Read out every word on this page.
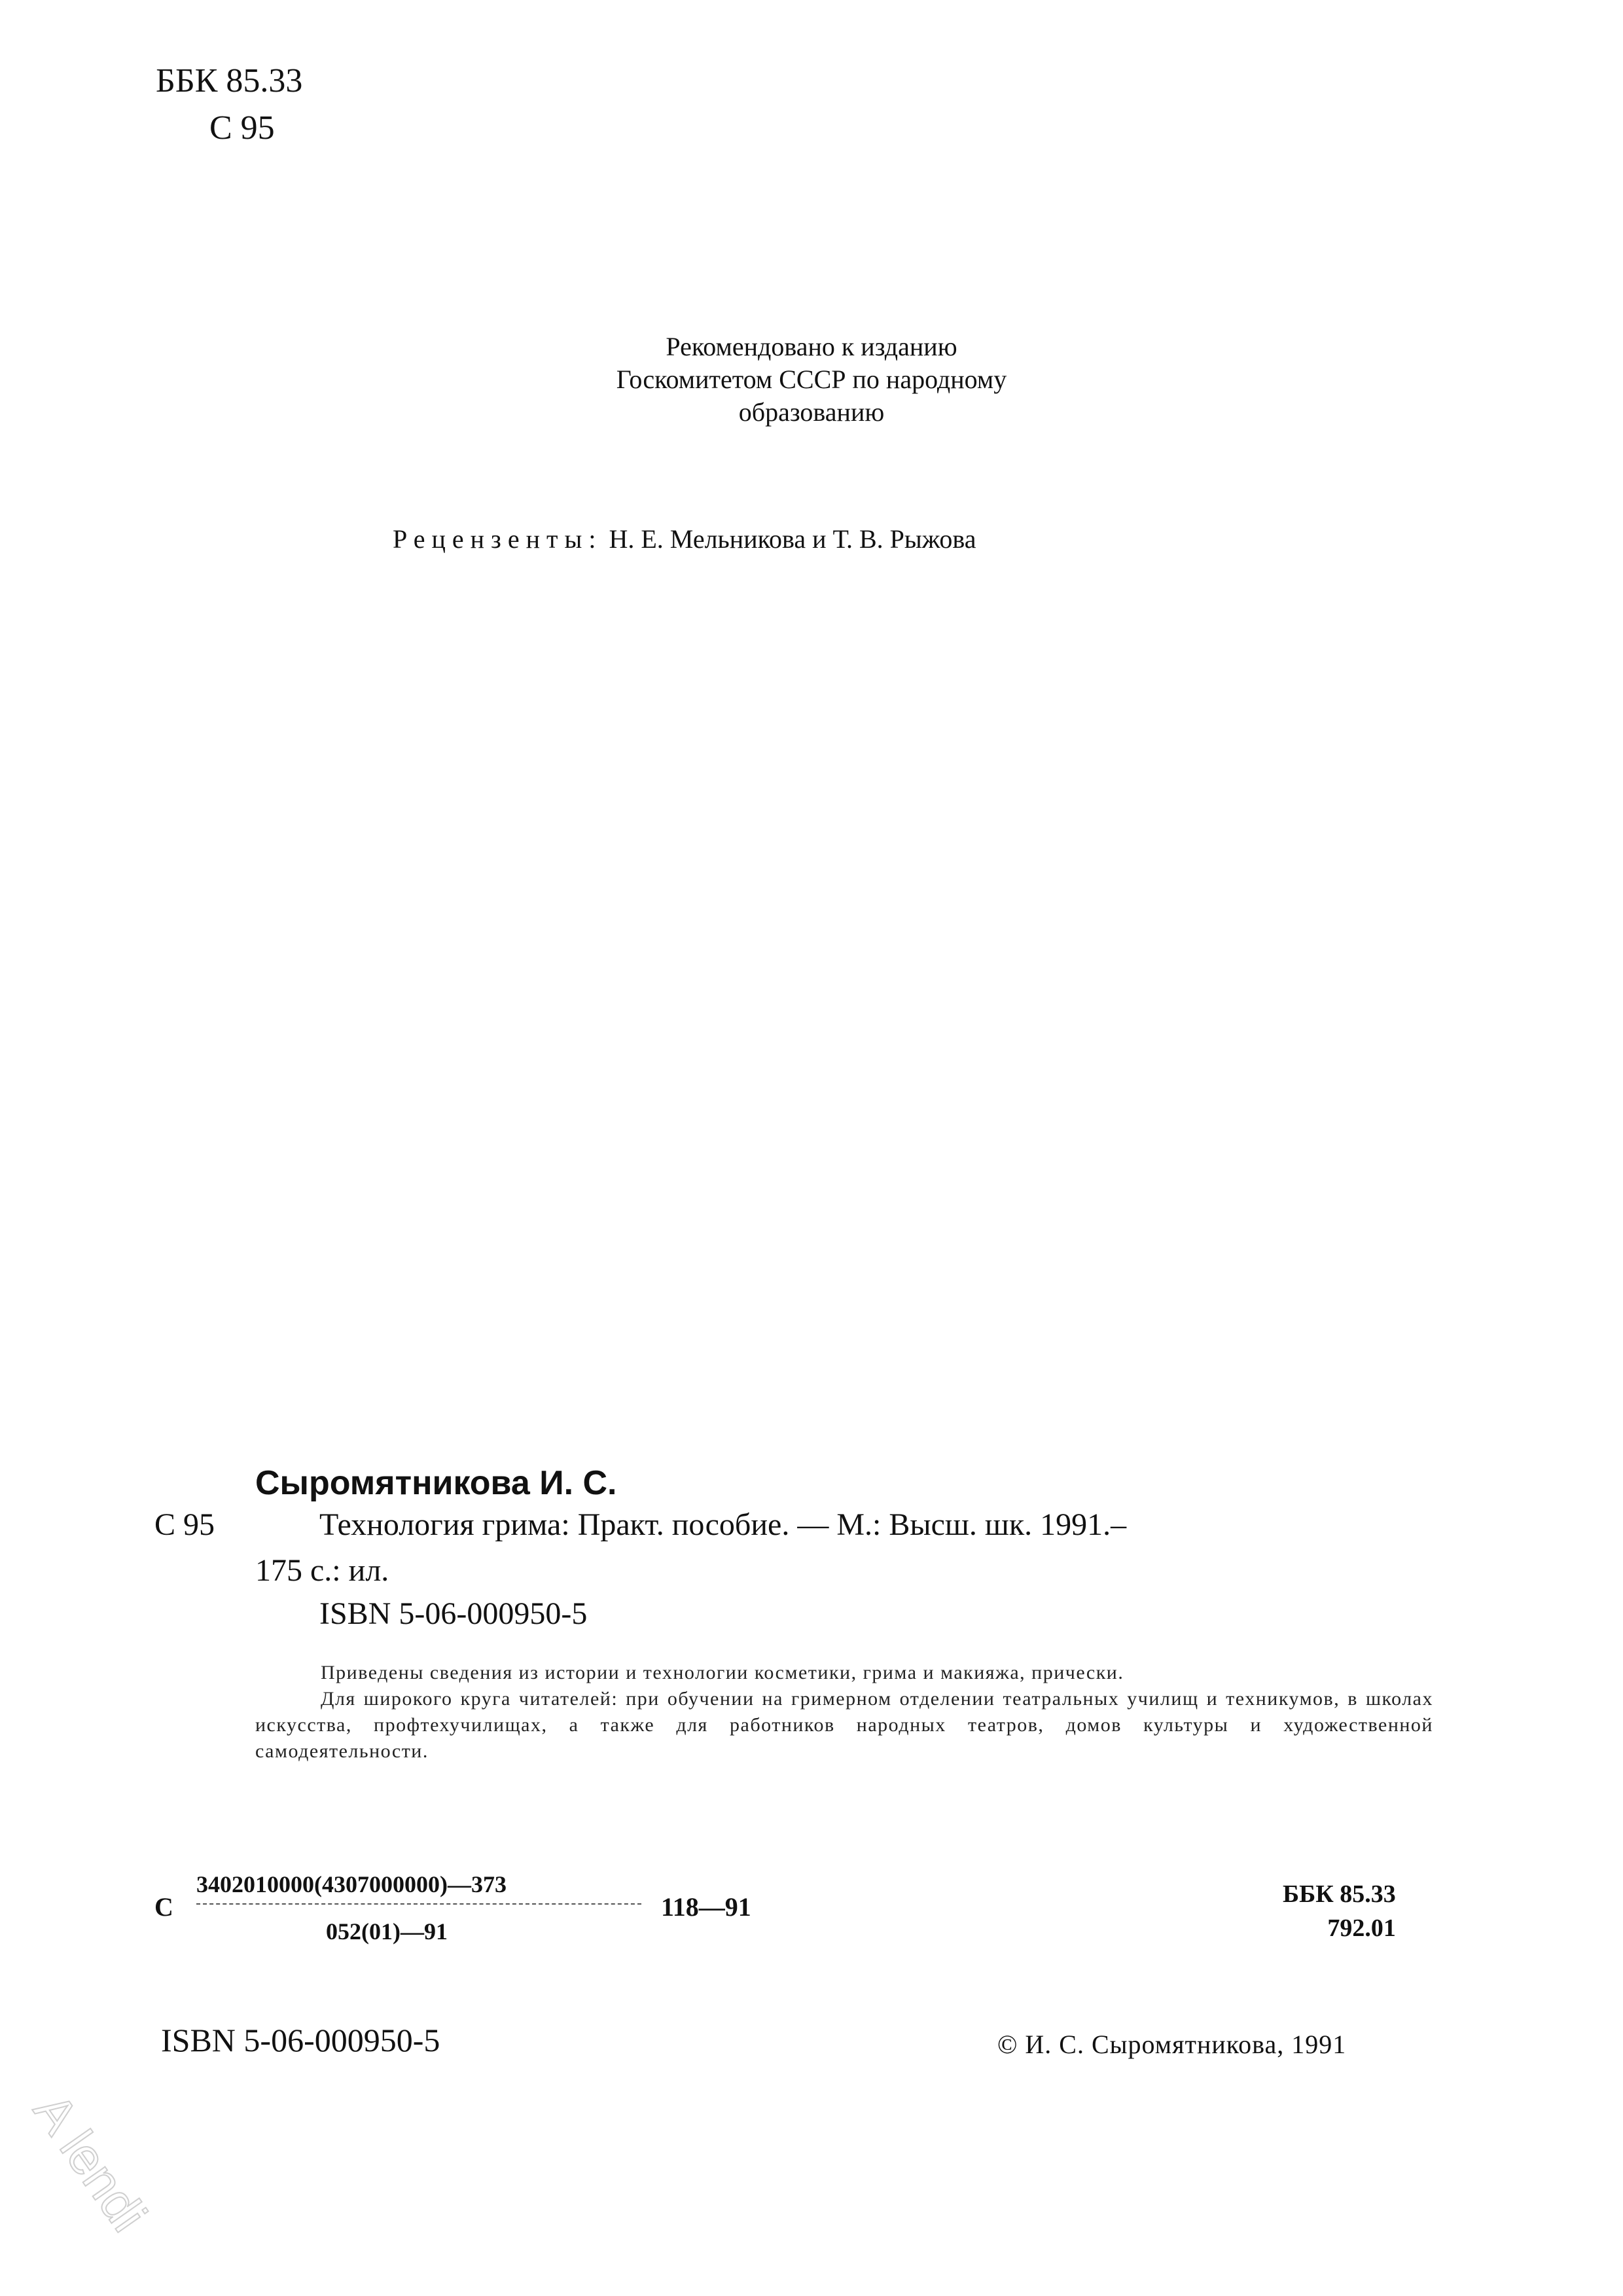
ББК 85.33
С 95
Рекомендовано к изданию
Госкомитетом СССР по народному
образованию
Рецензенты: Н. Е. Мельникова и Т. В. Рыжова
Сыромятникова И. С.
С 95	Технология грима: Практ. пособие. — М.: Высш. шк. 1991.–
175 с.: ил.
ISBN 5-06-000950-5

Приведены сведения из истории и технологии косметики, грима и макияжа, прически.

Для широкого круга читателей: при обучении на гримерном отделении театральных училищ и техникумов, в школах искусства, профтехучилищах, а также для работников народных театров, домов культуры и художественной самодеятельности.

С
3402010000(4307000000)—373
052(01)—91
118—91	ББК 85.33
792.01
ISBN 5-06-000950-5	© И. С. Сыромятникова, 1991
A lendi
